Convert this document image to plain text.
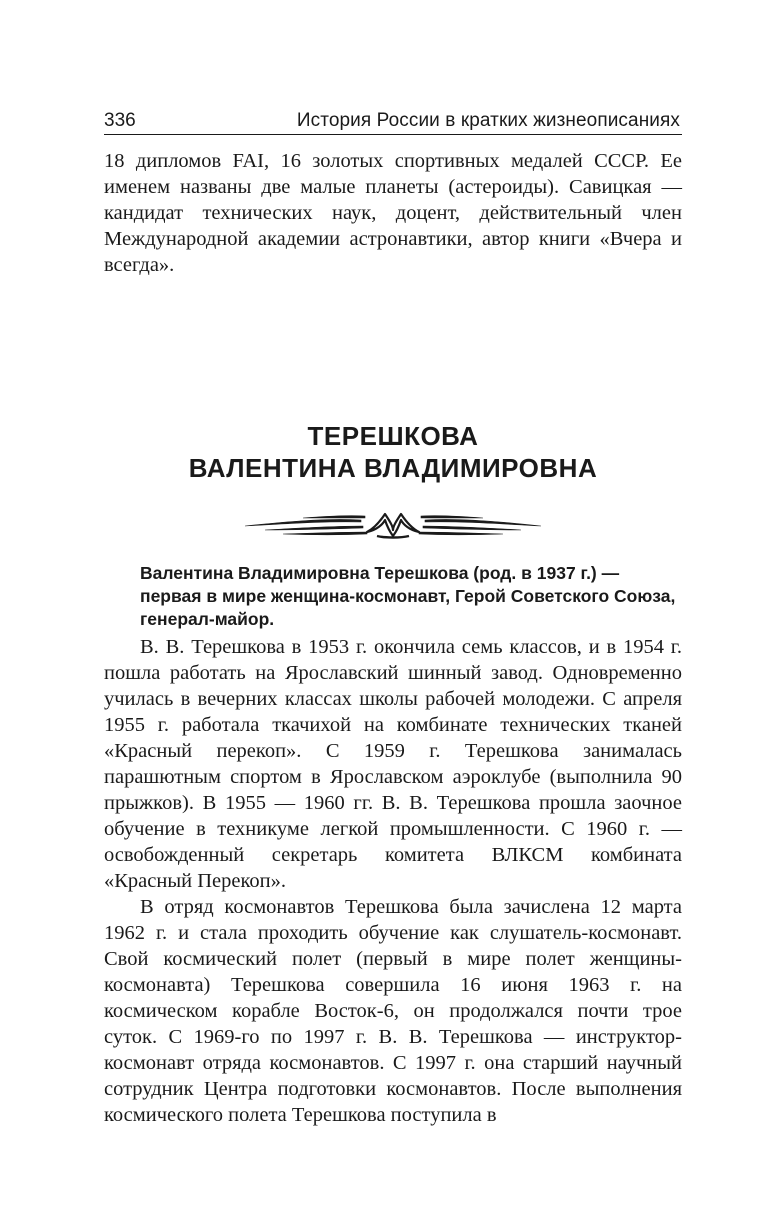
336	История России в кратких жизнеописаниях

18 дипломов FAI, 16 золотых спортивных медалей СССР. Ее именем названы две малые планеты (астероиды). Савицкая — кандидат технических наук, доцент, действительный член Международной академии астронавтики, автор книги «Вчера и всегда».

ТЕРЕШКОВА
ВАЛЕНТИНА ВЛАДИМИРОВНА
Валентина Владимировна Терешкова (род. в 1937 г.) — первая в мире женщина-космонавт, Герой Советского Союза, генерал-майор.

В. В. Терешкова в 1953 г. окончила семь классов, и в 1954 г. пошла работать на Ярославский шинный завод. Одновременно училась в вечерних классах школы рабочей молодежи. С апреля 1955 г. работала ткачихой на комбинате технических тканей «Красный перекоп». С 1959 г. Терешкова занималась парашютным спортом в Ярославском аэроклубе (выполнила 90 прыжков). В 1955 — 1960 гг. В. В. Терешкова прошла заочное обучение в техникуме легкой промышленности. С 1960 г. — освобожденный секретарь комитета ВЛКСМ комбината «Красный Перекоп».

В отряд космонавтов Терешкова была зачислена 12 марта 1962 г. и стала проходить обучение как слушатель-космонавт. Свой космический полет (первый в мире полет женщины-космонавта) Терешкова совершила 16 июня 1963 г. на космическом корабле Восток-6, он продолжался почти трое суток. С 1969-го по 1997 г. В. В. Терешкова — инструктор-космонавт отряда космонавтов. С 1997 г. она старший научный сотрудник Центра подготовки космонавтов. После выполнения космического полета Терешкова поступила в
